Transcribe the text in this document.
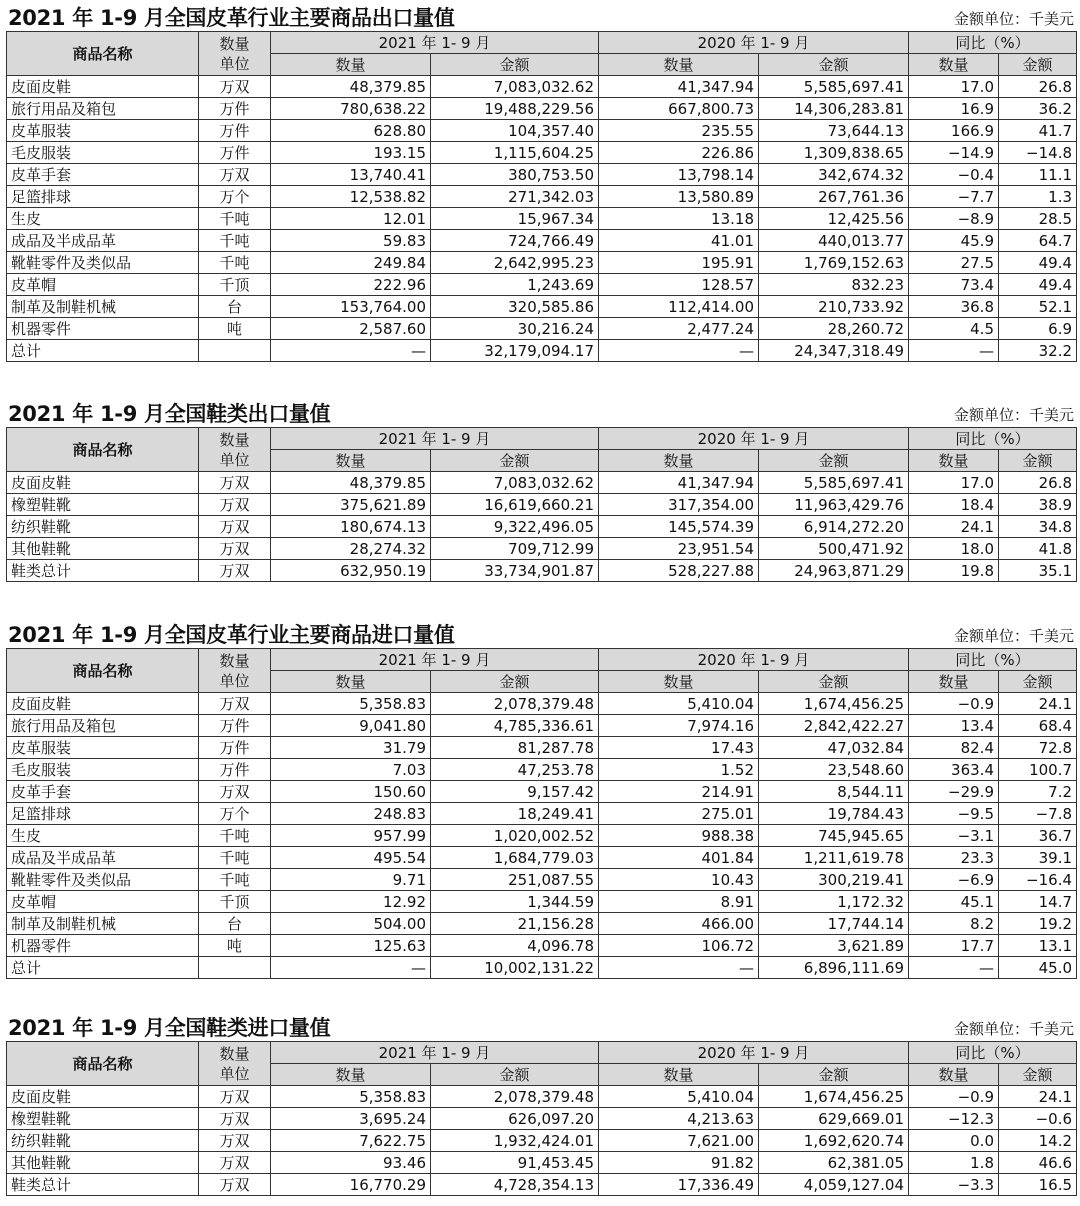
2021 年 1-9 月全国皮革行业主要商品出口量值	金额单位：千美元
商品名称	数量
单位	2021 年 1- 9 月		2020 年 1- 9 月		同比（%）	
		数量	金额	数量	金额	数量	金额
皮面皮鞋	万双	48,379.85	7,083,032.62	41,347.94	5,585,697.41	17.0	26.8
旅行用品及箱包	万件	780,638.22	19,488,229.56	667,800.73	14,306,283.81	16.9	36.2
皮革服装	万件	628.80	104,357.40	235.55	73,644.13	166.9	41.7
毛皮服装	万件	193.15	1,115,604.25	226.86	1,309,838.65	−14.9	−14.8
皮革手套	万双	13,740.41	380,753.50	13,798.14	342,674.32	−0.4	11.1
足篮排球	万个	12,538.82	271,342.03	13,580.89	267,761.36	−7.7	1.3
生皮	千吨	12.01	15,967.34	13.18	12,425.56	−8.9	28.5
成品及半成品革	千吨	59.83	724,766.49	41.01	440,013.77	45.9	64.7
靴鞋零件及类似品	千吨	249.84	2,642,995.23	195.91	1,769,152.63	27.5	49.4
皮革帽	千顶	222.96	1,243.69	128.57	832.23	73.4	49.4
制革及制鞋机械	台	153,764.00	320,585.86	112,414.00	210,733.92	36.8	52.1
机器零件	吨	2,587.60	30,216.24	2,477.24	28,260.72	4.5	6.9
总计		—	32,179,094.17	—	24,347,318.49	—	32.2
2021 年 1-9 月全国鞋类出口量值	金额单位：千美元
商品名称	数量
单位	2021 年 1- 9 月		2020 年 1- 9 月		同比（%）	
		数量	金额	数量	金额	数量	金额
皮面皮鞋	万双	48,379.85	7,083,032.62	41,347.94	5,585,697.41	17.0	26.8
橡塑鞋靴	万双	375,621.89	16,619,660.21	317,354.00	11,963,429.76	18.4	38.9
纺织鞋靴	万双	180,674.13	9,322,496.05	145,574.39	6,914,272.20	24.1	34.8
其他鞋靴	万双	28,274.32	709,712.99	23,951.54	500,471.92	18.0	41.8
鞋类总计	万双	632,950.19	33,734,901.87	528,227.88	24,963,871.29	19.8	35.1
2021 年 1-9 月全国皮革行业主要商品进口量值	金额单位：千美元
商品名称	数量
单位	2021 年 1- 9 月		2020 年 1- 9 月		同比（%）	
		数量	金额	数量	金额	数量	金额
皮面皮鞋	万双	5,358.83	2,078,379.48	5,410.04	1,674,456.25	−0.9	24.1
旅行用品及箱包	万件	9,041.80	4,785,336.61	7,974.16	2,842,422.27	13.4	68.4
皮革服装	万件	31.79	81,287.78	17.43	47,032.84	82.4	72.8
毛皮服装	万件	7.03	47,253.78	1.52	23,548.60	363.4	100.7
皮革手套	万双	150.60	9,157.42	214.91	8,544.11	−29.9	7.2
足篮排球	万个	248.83	18,249.41	275.01	19,784.43	−9.5	−7.8
生皮	千吨	957.99	1,020,002.52	988.38	745,945.65	−3.1	36.7
成品及半成品革	千吨	495.54	1,684,779.03	401.84	1,211,619.78	23.3	39.1
靴鞋零件及类似品	千吨	9.71	251,087.55	10.43	300,219.41	−6.9	−16.4
皮革帽	千顶	12.92	1,344.59	8.91	1,172.32	45.1	14.7
制革及制鞋机械	台	504.00	21,156.28	466.00	17,744.14	8.2	19.2
机器零件	吨	125.63	4,096.78	106.72	3,621.89	17.7	13.1
总计		—	10,002,131.22	—	6,896,111.69	—	45.0
2021 年 1-9 月全国鞋类进口量值	金额单位：千美元
商品名称	数量
单位	2021 年 1- 9 月		2020 年 1- 9 月		同比（%）	
		数量	金额	数量	金额	数量	金额
皮面皮鞋	万双	5,358.83	2,078,379.48	5,410.04	1,674,456.25	−0.9	24.1
橡塑鞋靴	万双	3,695.24	626,097.20	4,213.63	629,669.01	−12.3	−0.6
纺织鞋靴	万双	7,622.75	1,932,424.01	7,621.00	1,692,620.74	0.0	14.2
其他鞋靴	万双	93.46	91,453.45	91.82	62,381.05	1.8	46.6
鞋类总计	万双	16,770.29	4,728,354.13	17,336.49	4,059,127.04	−3.3	16.5
